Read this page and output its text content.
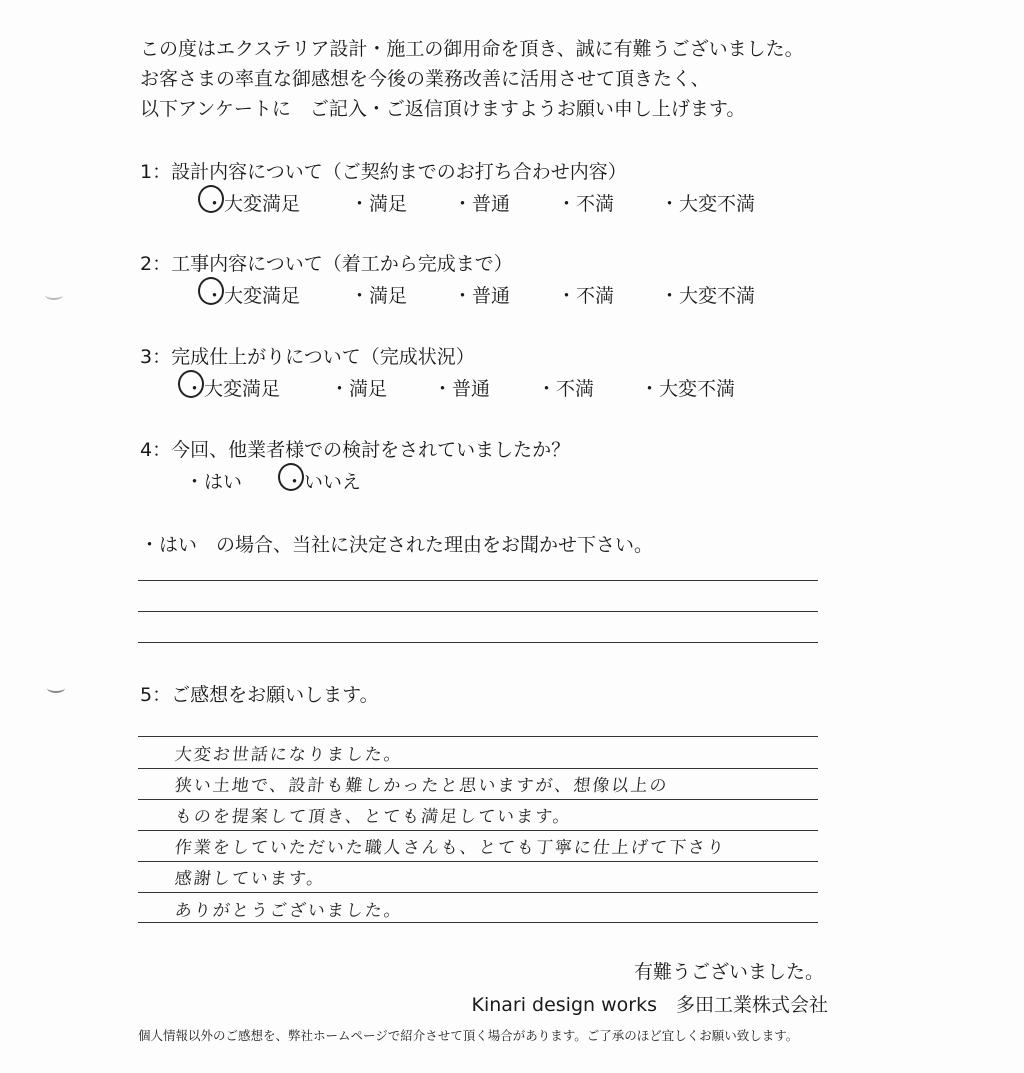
この度はエクステリア設計・施工の御用命を頂き、誠に有難うございました。
お客さまの率直な御感想を今後の業務改善に活用させて頂きたく、
以下アンケートに　ご記入・ご返信頂けますようお願い申し上げます。
1：設計内容について（ご契約までのお打ち合わせ内容）
・大変満足	・満足 ・普通 ・不満 ・大変不満
2：工事内容について（着工から完成まで）
・大変満足	・満足 ・普通 ・不満 ・大変不満
3：完成仕上がりについて（完成状況）
・大変満足	・満足 ・普通 ・不満 ・大変不満
4：今回、他業者様での検討をされていましたか？
・はい ・いいえ
・はい　の場合、当社に決定された理由をお聞かせ下さい。
5：ご感想をお願いします。
大変お世話になりました。
狭い土地で、設計も難しかったと思いますが、想像以上の
ものを提案して頂き、とても満足しています。
作業をしていただいた職人さんも、とても丁寧に仕上げて下さり
感謝しています。
ありがとうございました。
有難うございました。
Kinari design works　多田工業株式会社
個人情報以外のご感想を、弊社ホームページで紹介させて頂く場合があります。ご了承のほど宜しくお願い致します。
